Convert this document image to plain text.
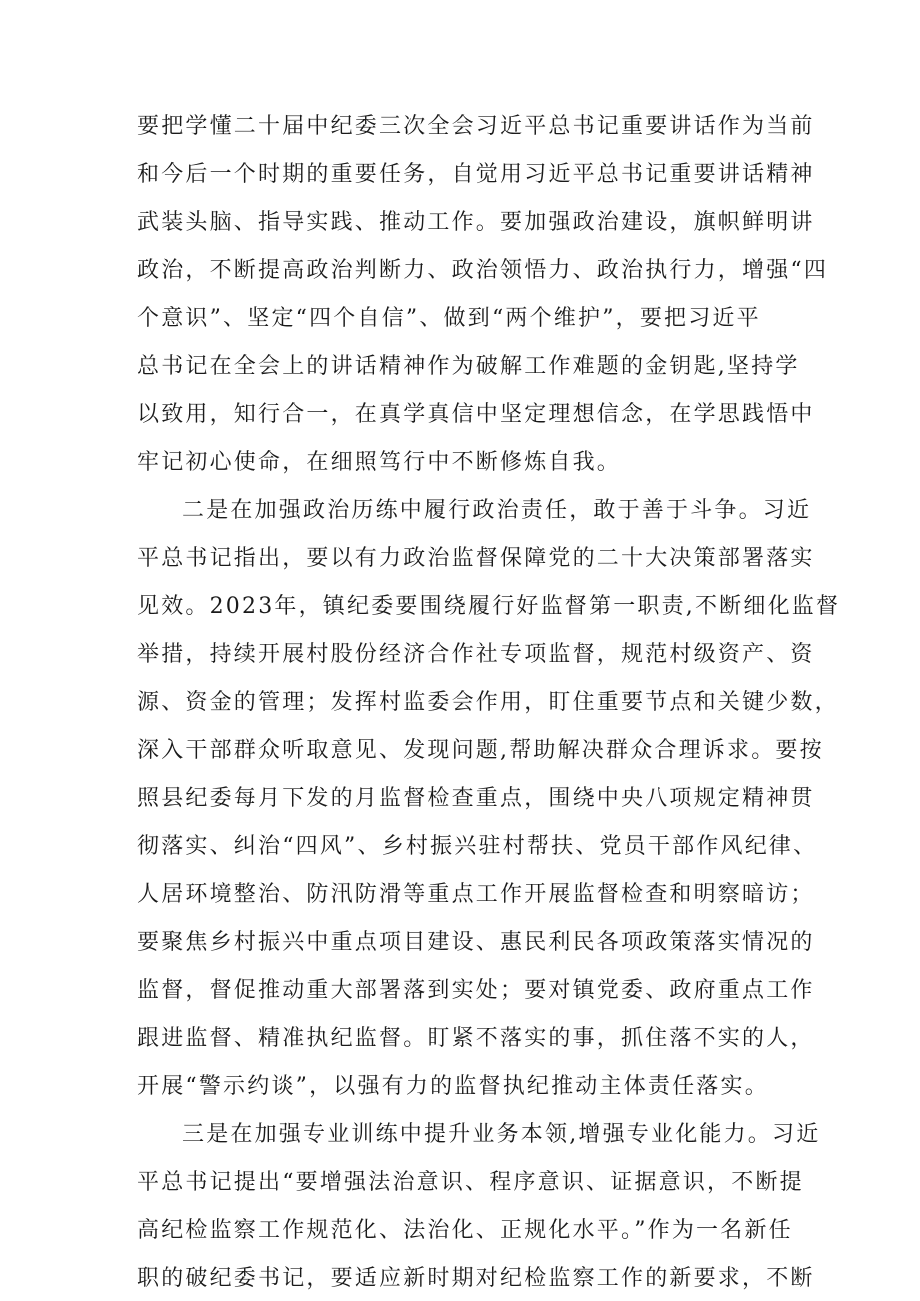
要把学懂二十届中纪委三次全会习近平总书记重要讲话作为当前
和今后一个时期的重要任务，自觉用习近平总书记重要讲话精神
武装头脑、指导实践、推动工作。要加强政治建设，旗帜鲜明讲
政治，不断提高政治判断力、政治领悟力、政治执行力，增强“四
个意识”、坚定“四个自信”、做到“两个维护”，要把习近平
总书记在全会上的讲话精神作为破解工作难题的金钥匙,坚持学
以致用，知行合一，在真学真信中坚定理想信念，在学思践悟中
牢记初心使命，在细照笃行中不断修炼自我。
二是在加强政治历练中履行政治责任，敢于善于斗争。习近
平总书记指出，要以有力政治监督保障党的二十大决策部署落实
见效。2023年，镇纪委要围绕履行好监督第一职责,不断细化监督
举措，持续开展村股份经济合作社专项监督，规范村级资产、资
源、资金的管理；发挥村监委会作用，盯住重要节点和关键少数，
深入干部群众听取意见、发现问题,帮助解决群众合理诉求。要按
照县纪委每月下发的月监督检查重点，围绕中央八项规定精神贯
彻落实、纠治“四风”、乡村振兴驻村帮扶、党员干部作风纪律、
人居环境整治、防汛防滑等重点工作开展监督检查和明察暗访；
要聚焦乡村振兴中重点项目建设、惠民利民各项政策落实情况的
监督，督促推动重大部署落到实处；要对镇党委、政府重点工作
跟进监督、精准执纪监督。盯紧不落实的事，抓住落不实的人，
开展“警示约谈”，以强有力的监督执纪推动主体责任落实。
三是在加强专业训练中提升业务本领,增强专业化能力。习近
平总书记提出“要增强法治意识、程序意识、证据意识，不断提
高纪检监察工作规范化、法治化、正规化水平。”作为一名新任
职的破纪委书记，要适应新时期对纪检监察工作的新要求，不断
